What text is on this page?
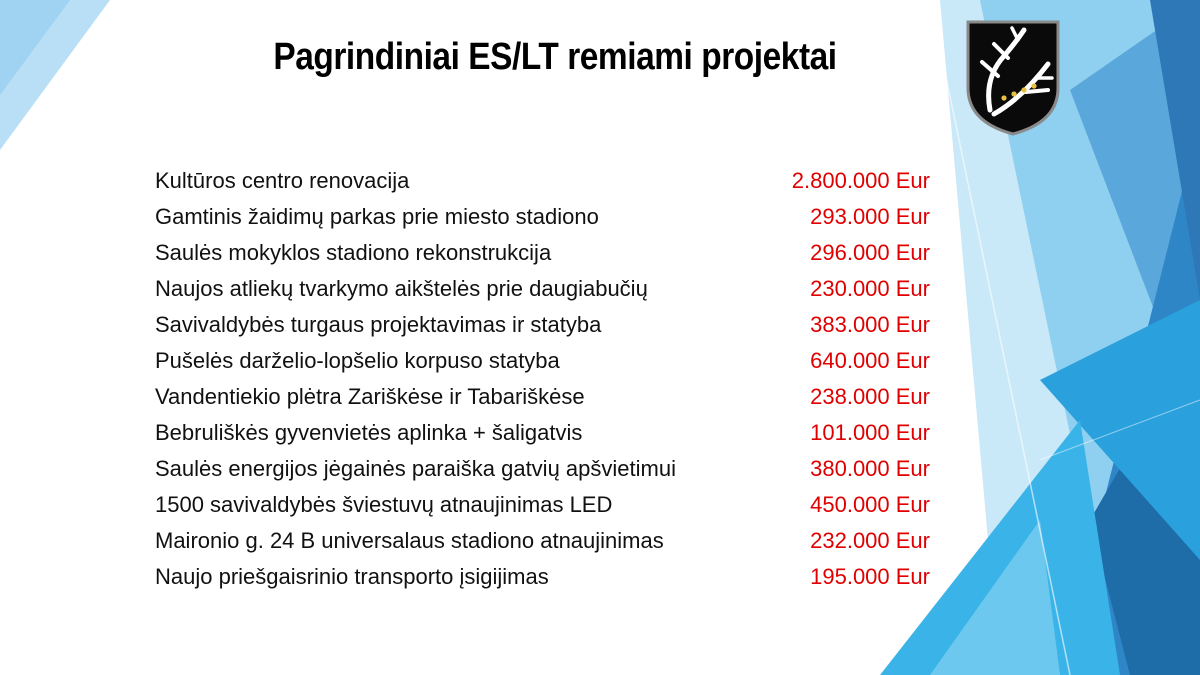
Pagrindiniai ES/LT remiami projektai
Kultūros centro renovacija	2.800.000 Eur
Gamtinis žaidimų parkas prie miesto stadiono	293.000 Eur
Saulės mokyklos stadiono rekonstrukcija	296.000 Eur
Naujos atliekų tvarkymo aikštelės prie daugiabučių	230.000 Eur
Savivaldybės turgaus projektavimas ir statyba	383.000 Eur
Pušelės darželio-lopšelio korpuso statyba	640.000 Eur
Vandentiekio plėtra Zariškėse ir Tabariškėse	238.000 Eur
Bebruliškės gyvenvietės aplinka + šaligatvis	101.000 Eur
Saulės energijos jėgainės paraiška gatvių apšvietimui	380.000 Eur
1500 savivaldybės šviestuvų atnaujinimas LED	450.000 Eur
Maironio g. 24 B universalaus stadiono atnaujinimas	232.000 Eur
Naujo priešgaisrinio transporto įsigijimas	195.000 Eur
